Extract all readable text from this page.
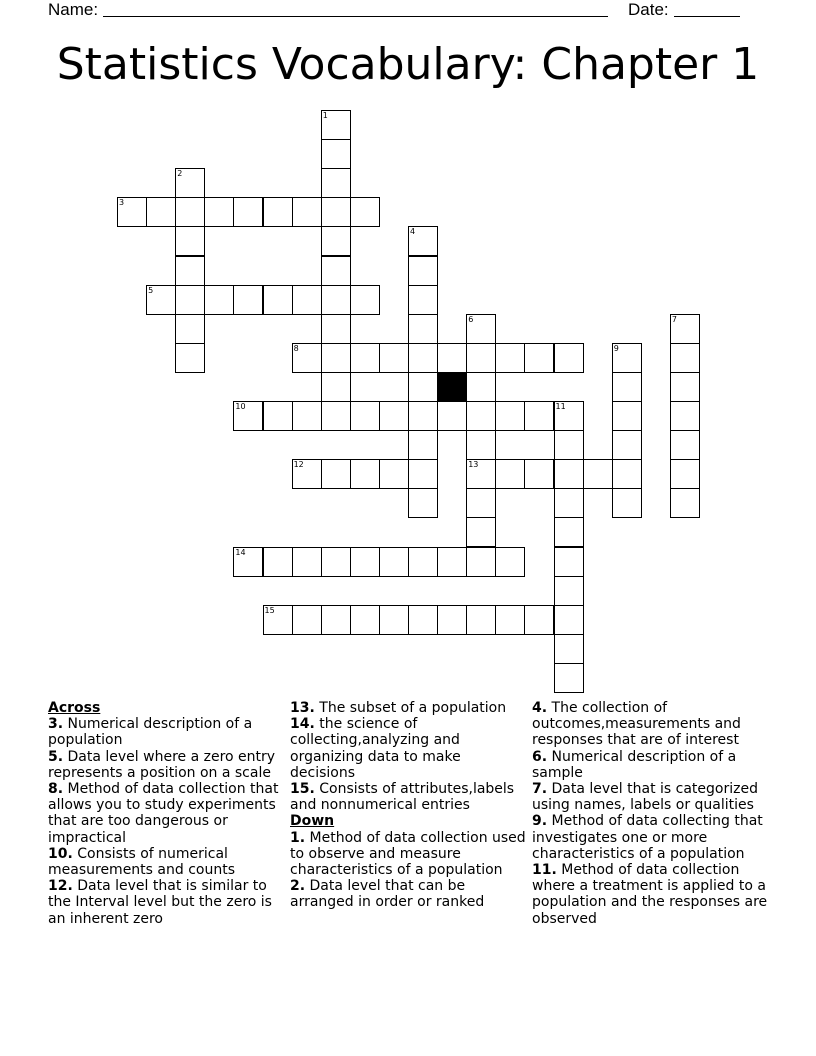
Name:	Date:
Statistics Vocabulary: Chapter 1
1
2
3
4
5
6
13
7
8	9
10	11
12
14
15

Across

3. Numerical description of a population

5. Data level where a zero entry represents a position on a scale

8. Method of data collection that allows you to study experiments that are too dangerous or impractical

10. Consists of numerical measurements and counts

12. Data level that is similar to the Interval level but the zero is an inherent zero

13. The subset of a population

14. the science of collecting,analyzing and organizing data to make decisions

15. Consists of attributes,labels and nonnumerical entries

Down

1. Method of data collection used to observe and measure characteristics of a population

2. Data level that can be arranged in order or ranked

4. The collection of outcomes,measurements and responses that are of interest

6. Numerical description of a sample

7. Data level that is categorized using names, labels or qualities

9. Method of data collecting that investigates one or more characteristics of a population

11. Method of data collection where a treatment is applied to a population and the responses are observed
